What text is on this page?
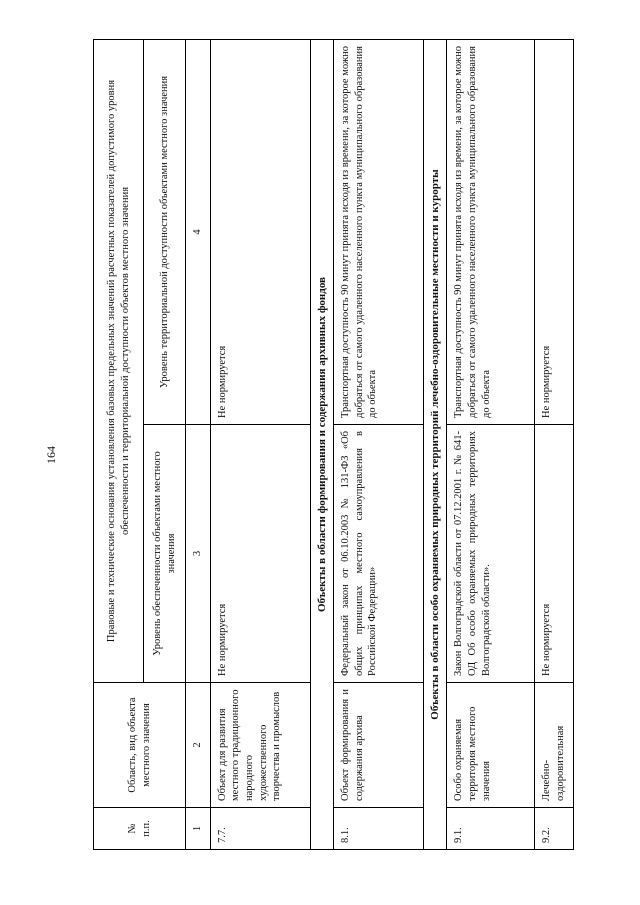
164
№ п.п.	Область, вид объекта местного значения	Правовые и технические основания установления базовых предельных значений расчетных показателей допустимого уровня обеспеченности и территориальной доступности объектов местного значения	
		Уровень обеспеченности объектами местного значения	Уровень территориальной доступности объектами местного значения
1	2	3	4
7.7.	Объект для развития местного традиционного народного художественного творчества и промыслов	Не нормируется	Не нормируется
Объекты в области формирования и содержания архивных фондов			
8.1.	Объект формирования и содержания архива	Федеральный закон от 06.10.2003 № 131-ФЗ «Об общих принципах местного самоуправления в Российской Федерации»	Транспортная доступность 90 минут принята исходя из времени, за которое можно добраться от самого удаленного населенного пункта муниципального образования до объекта
Объекты в области особо охраняемых природных территорий лечебно-оздоровительные местности и курорты			
9.1.	Особо охраняемая территория местного значения	Закон Волгоградской области от 07.12.2001 г. № 641-ОД Об особо охраняемых природных территориях Волгоградской области».	Транспортная доступность 90 минут принята исходя из времени, за которое можно добраться от самого удаленного населенного пункта муниципального образования до объекта
9.2.	Лечебно-оздоровительная	Не нормируется	Не нормируется
